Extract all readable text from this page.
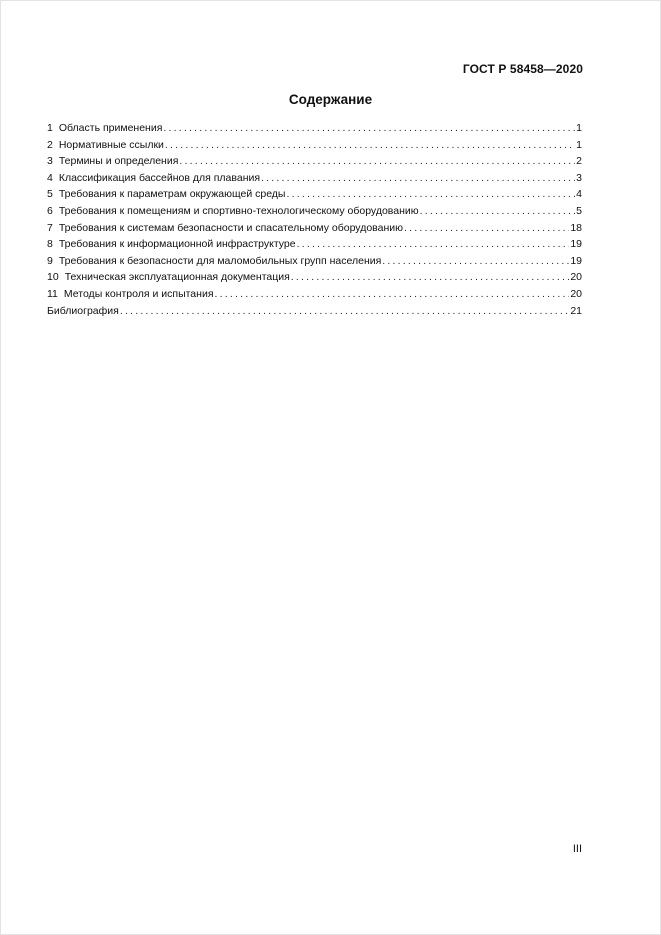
ГОСТ Р 58458—2020
Содержание
1 Область применения .....	1
2 Нормативные ссылки .....	1
3 Термины и определения .....	2
4 Классификация бассейнов для плавания .....	3
5 Требования к параметрам окружающей среды .....	4
6 Требования к помещениям и спортивно-технологическому оборудованию .....	5
7 Требования к системам безопасности и спасательному оборудованию .....	18
8 Требования к информационной инфраструктуре .....	19
9 Требования к безопасности для маломобильных групп населения .....	19
10 Техническая эксплуатационная документация .....	20
11 Методы контроля и испытания .....	20
Библиография .....	21
III
